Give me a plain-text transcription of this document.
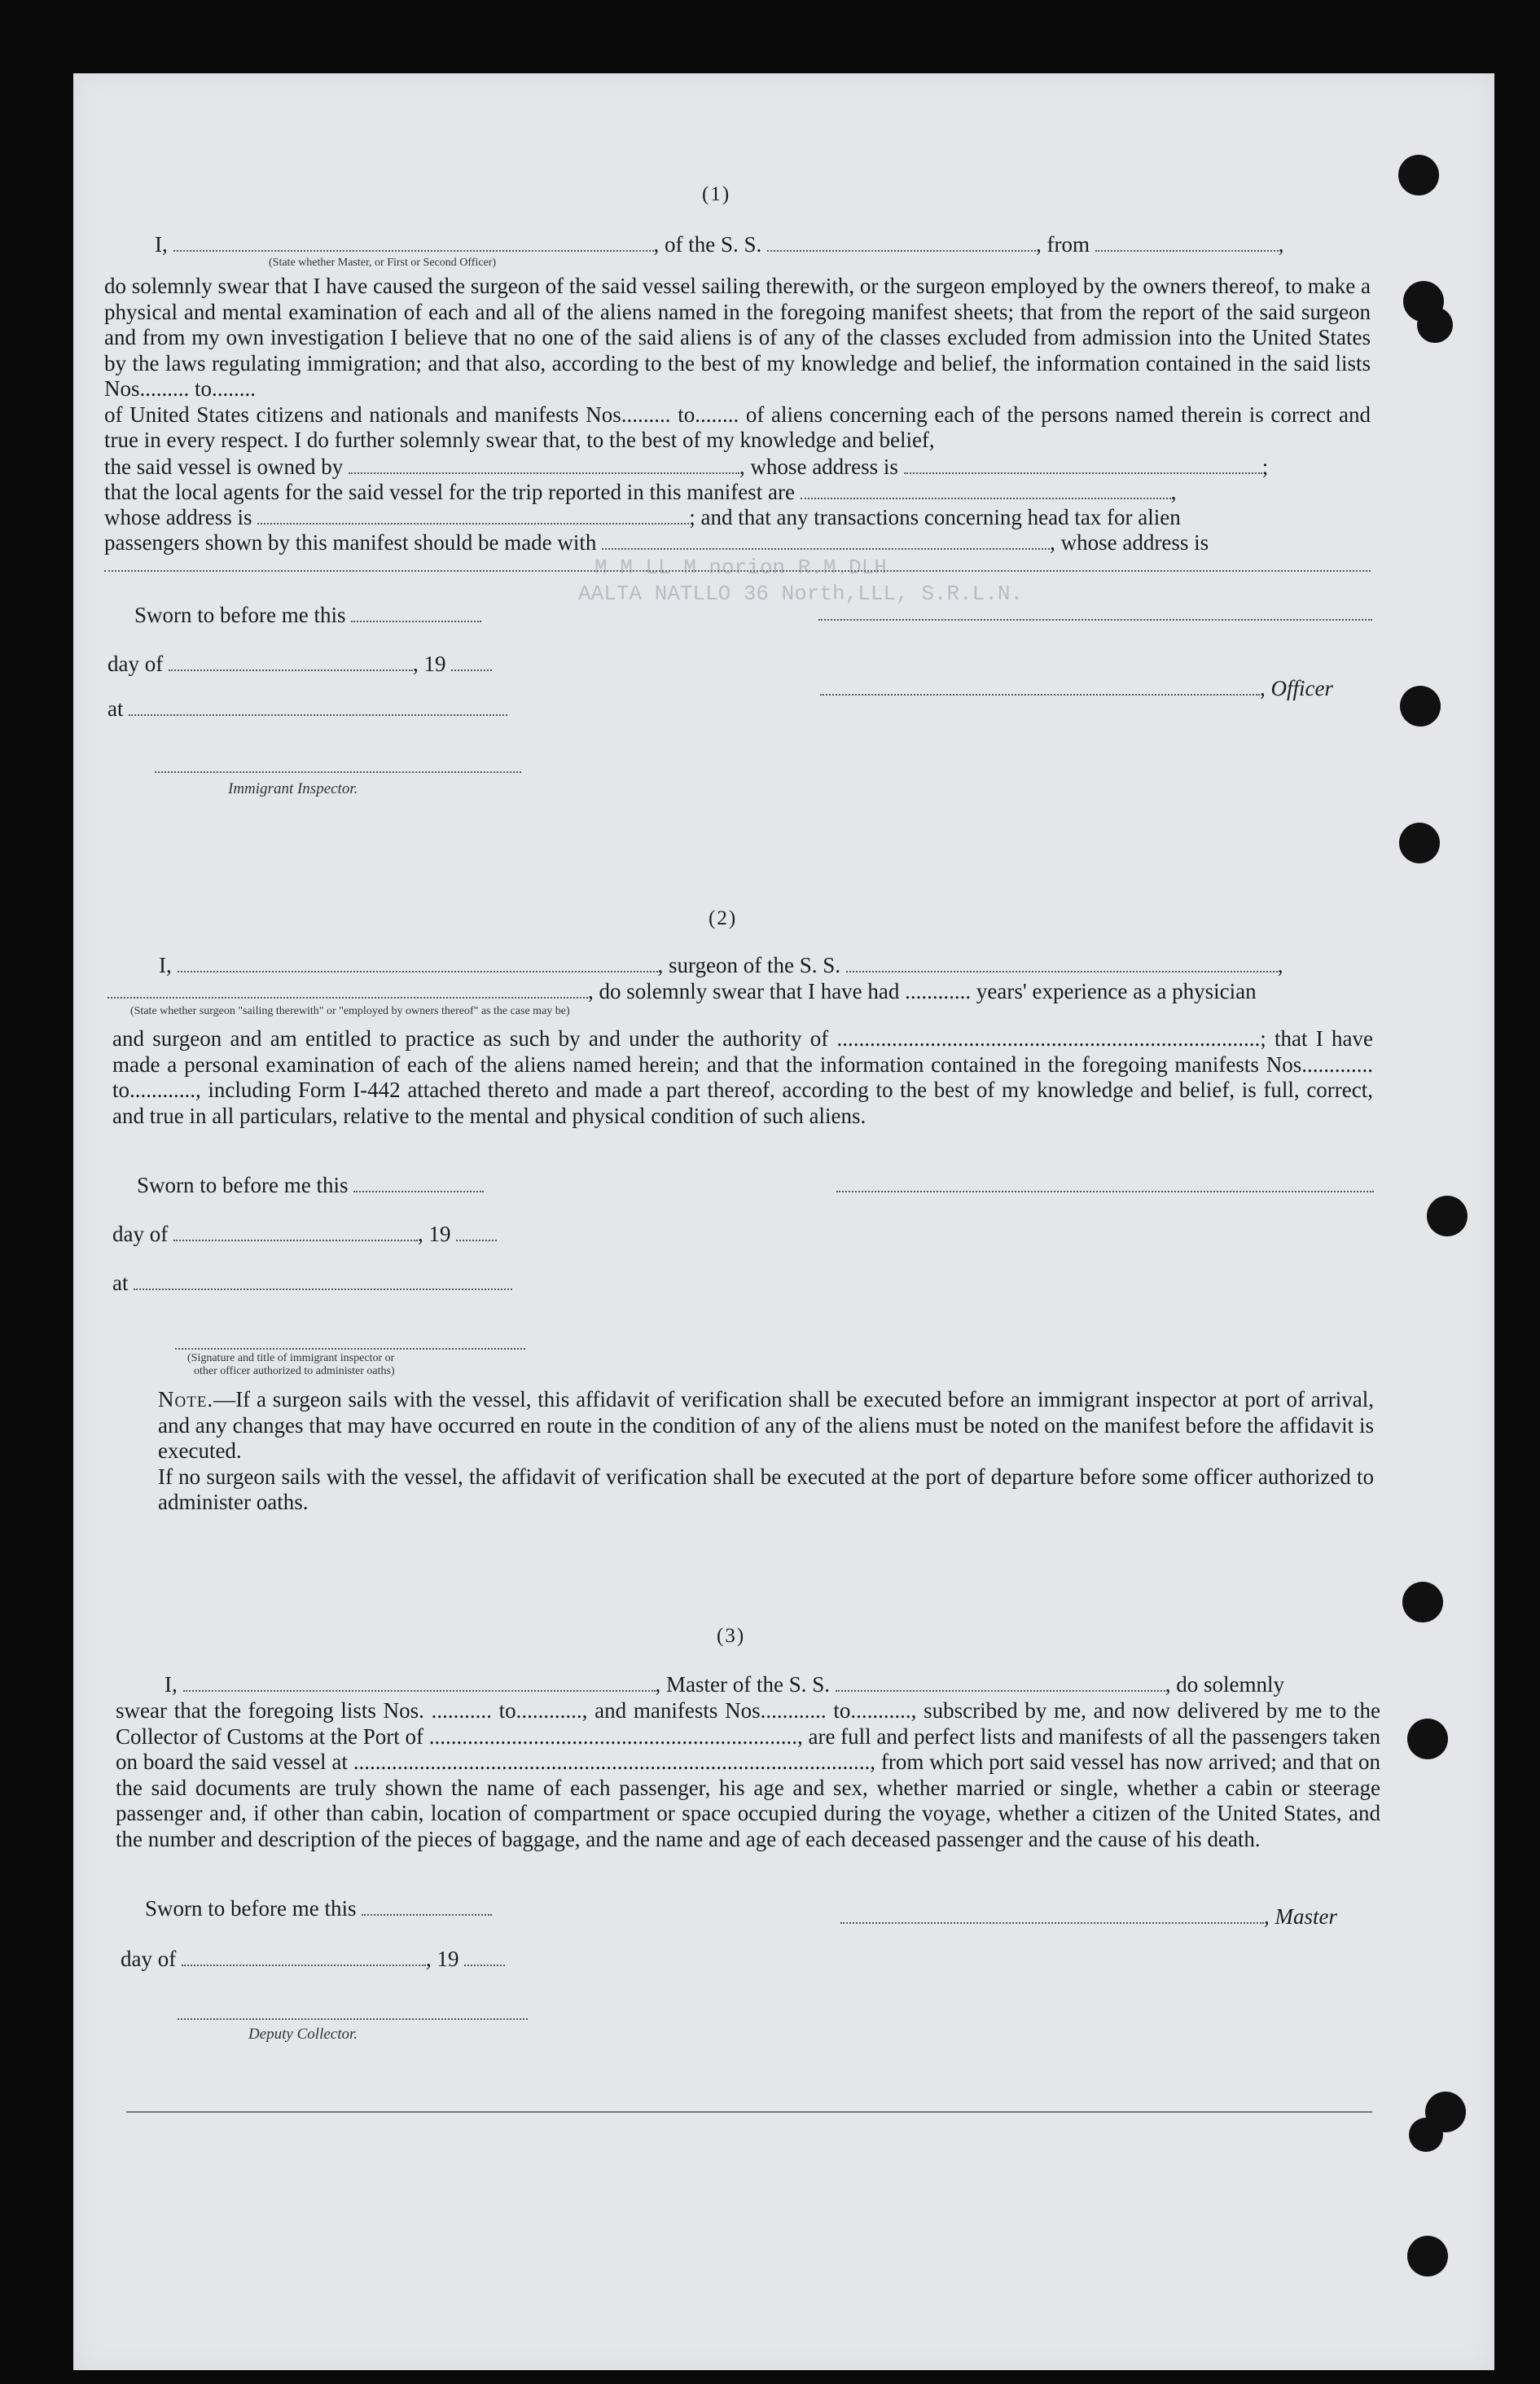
M M LL M norion R.M.DLH
AALTA NATLLO 36 North,LLL, S.R.L.N.
(1)
I,	, of the S. S.	, from	,
(State whether Master, or First or Second Officer)

do solemnly swear that I have caused the surgeon of the said vessel sailing therewith, or the surgeon employed by the owners thereof, to make a physical and mental examination of each and all of the aliens named in the foregoing manifest sheets; that from the report of the said surgeon and from my own investigation I believe that no one of the said aliens is of any of the classes excluded from admission into the United States by the laws regulating immigration; and that also, according to the best of my knowledge and belief, the information contained in the said lists Nos......... to........

of United States citizens and nationals and manifests Nos......... to........ of aliens concerning each of the persons named therein is correct and true in every respect. I do further solemnly swear that, to the best of my knowledge and belief,

the said vessel is owned by	, whose address is	;
that the local agents for the said vessel for the trip reported in this manifest are	,
whose address is	; and that any transactions concerning head tax for alien
passengers shown by this manifest should be made with	, whose address is
Sworn to before me this
day of	, 19
at
, Officer
Immigrant Inspector.
(2)
I,	, surgeon of the S. S.	,
, do solemnly swear that I have had ............ years' experience as a physician
(State whether surgeon "sailing therewith" or "employed by owners thereof" as the case may be)

and surgeon and am entitled to practice as such by and under the authority of .............................................................................; that I have made a personal examination of each of the aliens named herein; and that the information contained in the foregoing manifests Nos............. to............, including Form I-442 attached thereto and made a part thereof, according to the best of my knowledge and belief, is full, correct, and true in all particulars, relative to the mental and physical condition of such aliens.

Sworn to before me this
day of	, 19
at
(Signature and title of immigrant inspector or
other officer authorized to administer oaths)

Note.—If a surgeon sails with the vessel, this affidavit of verification shall be executed before an immigrant inspector at port of arrival, and any changes that may have occurred en route in the condition of any of the aliens must be noted on the manifest before the affidavit is executed.

If no surgeon sails with the vessel, the affidavit of verification shall be executed at the port of departure before some officer authorized to administer oaths.

(3)
I,	, Master of the S. S.	, do solemnly

swear that the foregoing lists Nos. ........... to............, and manifests Nos............ to..........., subscribed by me, and now delivered by me to the Collector of Customs at the Port of ..................................................................., are full and perfect lists and manifests of all the passengers taken on board the said vessel at .............................................................................................., from which port said vessel has now arrived; and that on the said documents are truly shown the name of each passenger, his age and sex, whether married or single, whether a cabin or steerage passenger and, if other than cabin, location of compartment or space occupied during the voyage, whether a citizen of the United States, and the number and description of the pieces of baggage, and the name and age of each deceased passenger and the cause of his death.

Sworn to before me this	, Master
day of	, 19
Deputy Collector.
